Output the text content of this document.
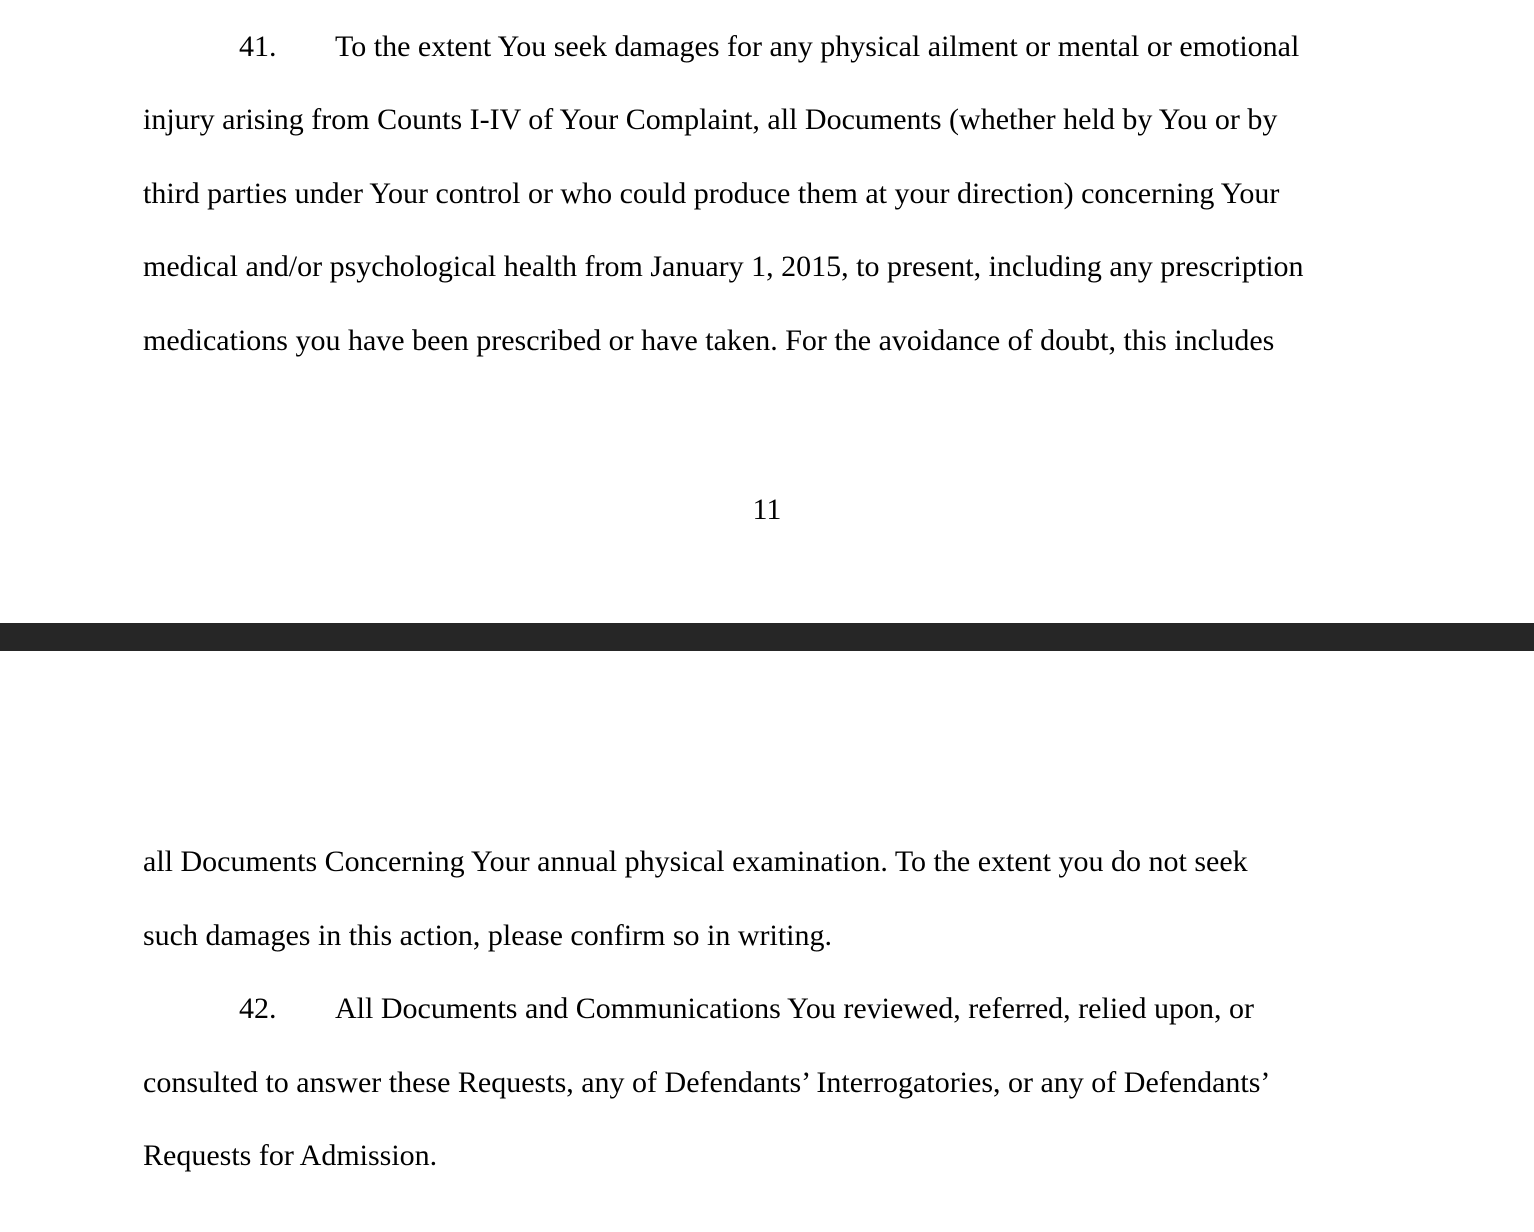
41. To the extent You seek damages for any physical ailment or mental or emotional
injury arising from Counts I-IV of Your Complaint, all Documents (whether held by You or by
third parties under Your control or who could produce them at your direction) concerning Your
medical and/or psychological health from January 1, 2015, to present, including any prescription
medications you have been prescribed or have taken. For the avoidance of doubt, this includes
11
all Documents Concerning Your annual physical examination. To the extent you do not seek
such damages in this action, please confirm so in writing.
42. All Documents and Communications You reviewed, referred, relied upon, or
consulted to answer these Requests, any of Defendants’ Interrogatories, or any of Defendants’
Requests for Admission.
